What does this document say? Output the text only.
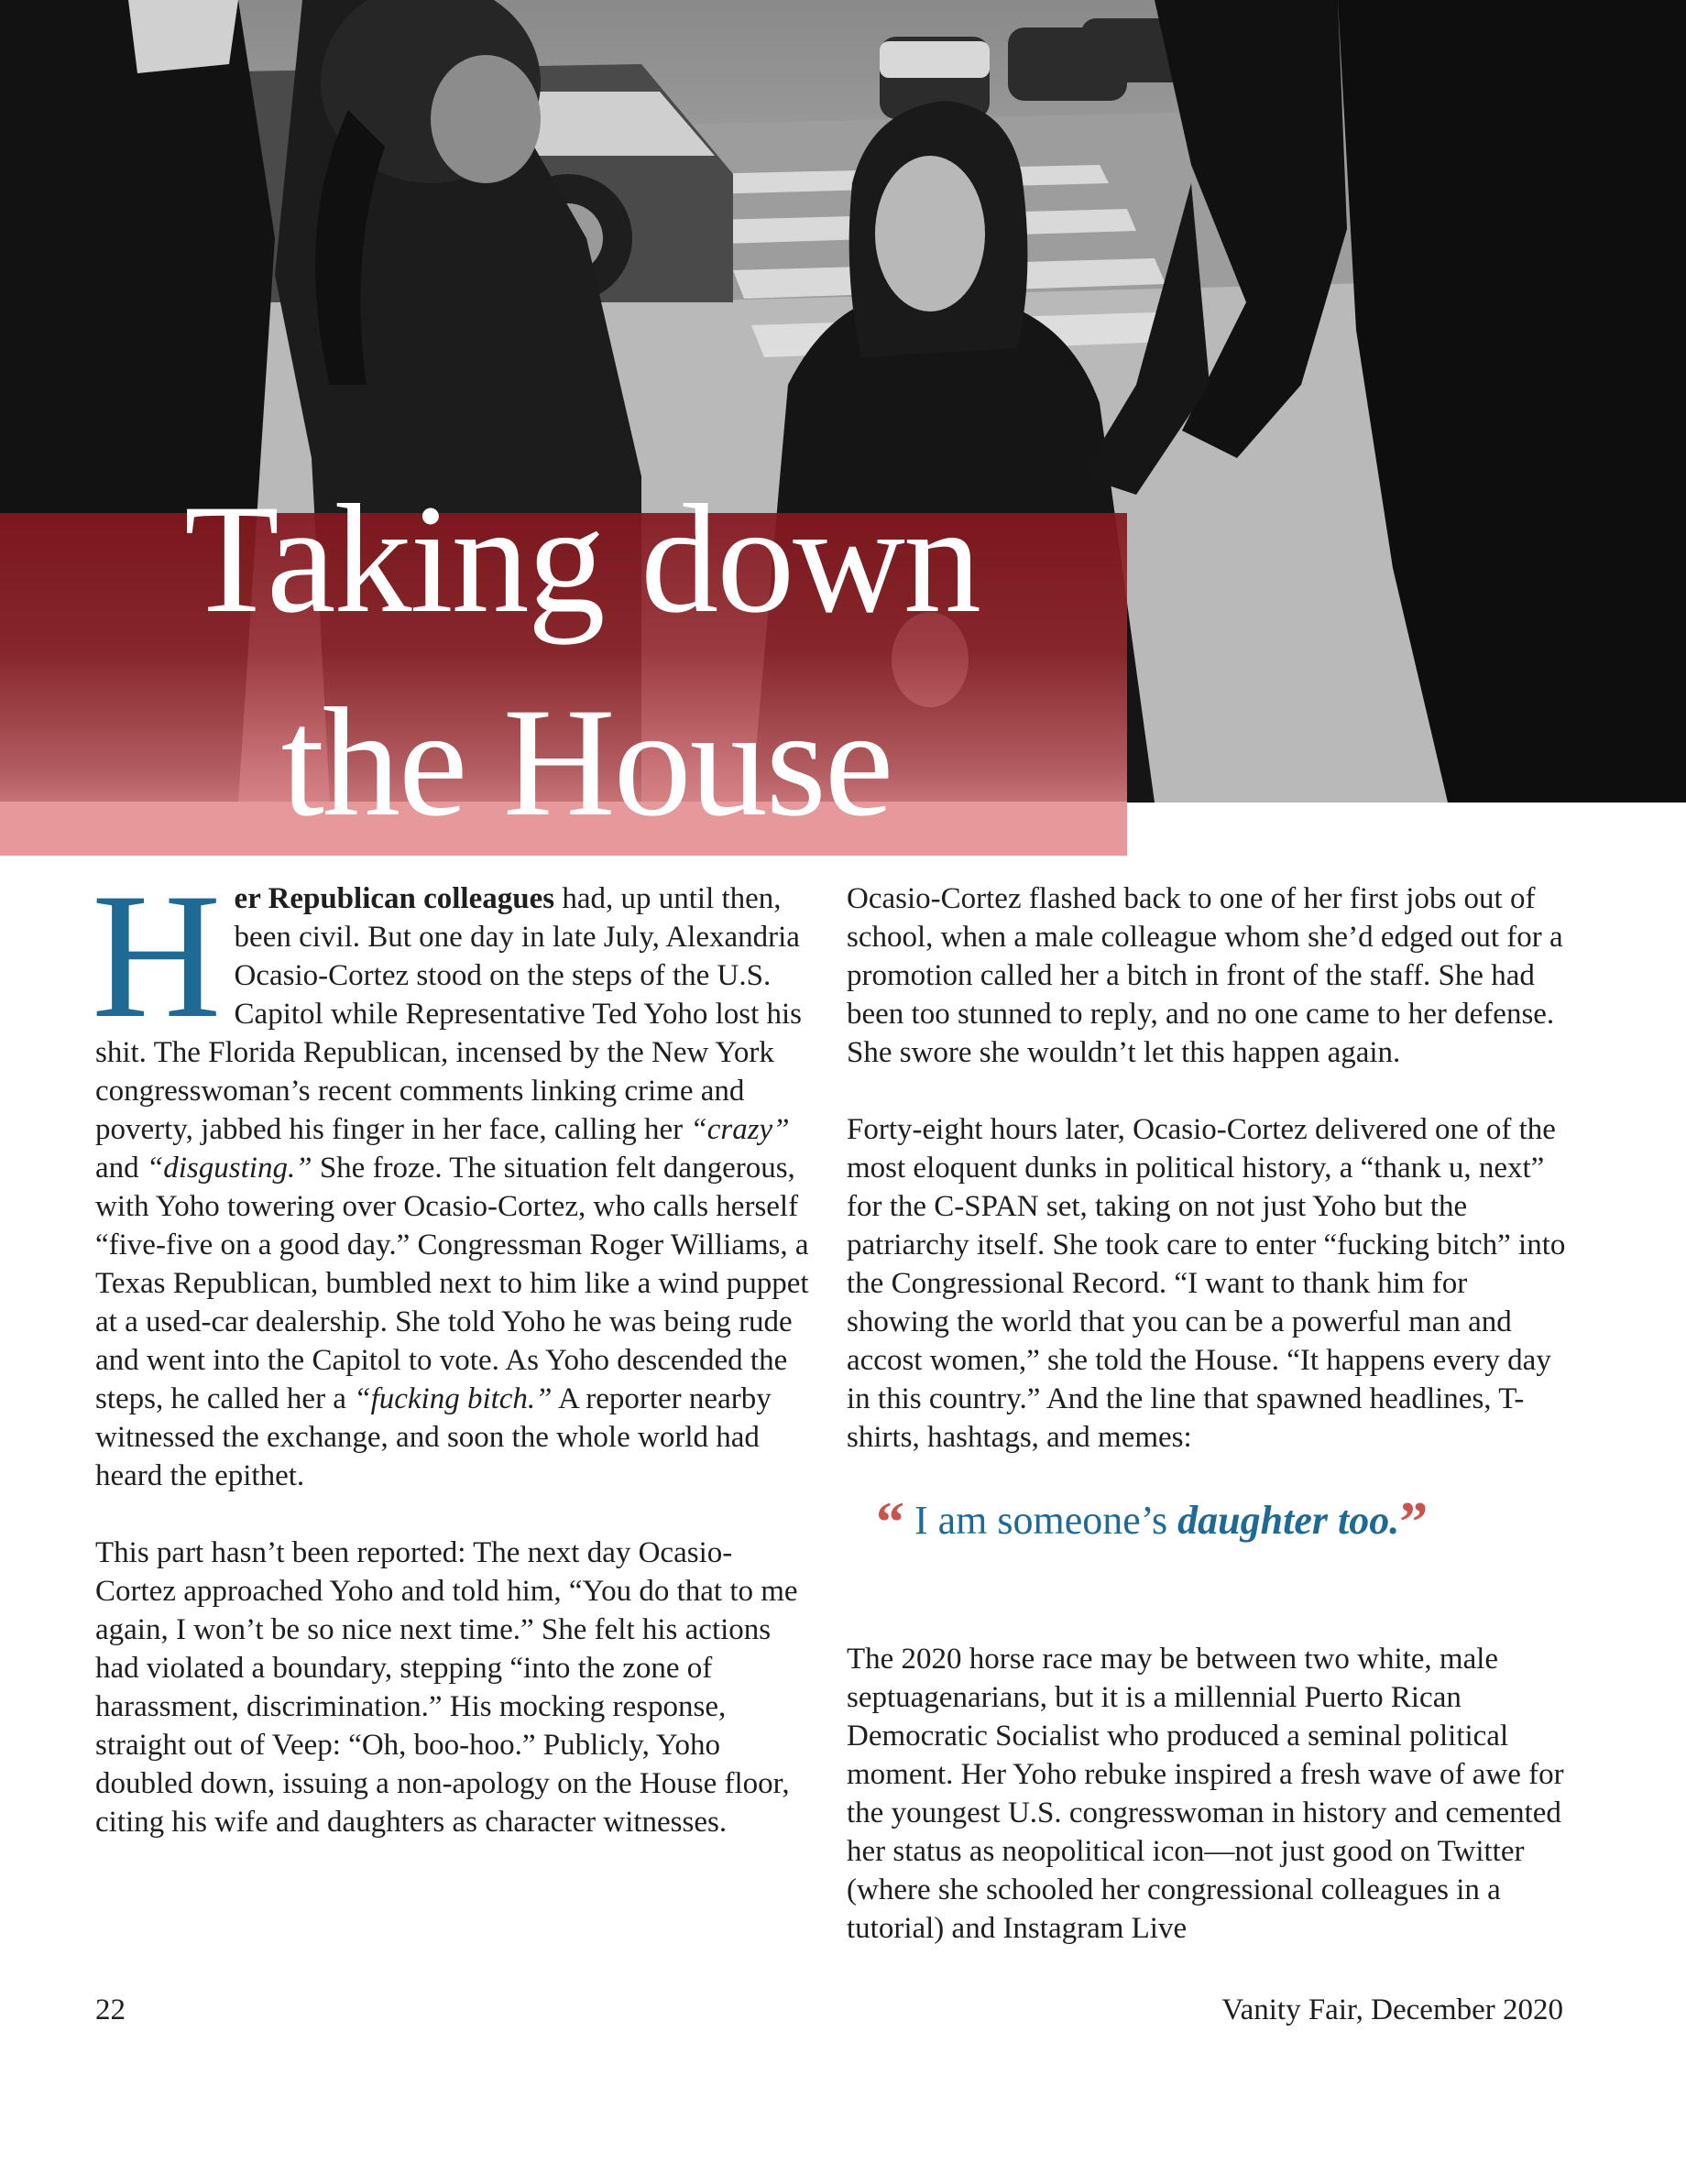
Taking down
the House

Her Republican colleagues had, up until then, been civil. But one day in late July, Alexandria Ocasio-Cortez stood on the steps of the U.S. Capitol while Representative Ted Yoho lost his shit. The Florida Republican, incensed by the New York congresswoman’s recent comments linking crime and poverty, jabbed his finger in her face, calling her “crazy” and “disgusting.” She froze. The situation felt dangerous, with Yoho towering over Ocasio-Cortez, who calls herself “five-five on a good day.” Congressman Roger Williams, a Texas Republican, bumbled next to him like a wind puppet at a used-car dealership. She told Yoho he was being rude and went into the Capitol to vote. As Yoho descended the steps, he called her a “fucking bitch.” A reporter nearby witnessed the exchange, and soon the whole world had heard the epithet.

This part hasn’t been reported: The next day Ocasio-Cortez approached Yoho and told him, “You do that to me again, I won’t be so nice next time.” She felt his actions had violated a boundary, stepping “into the zone of harassment, discrimination.” His mocking response, straight out of Veep: “Oh, boo-hoo.” Publicly, Yoho doubled down, issuing a non-apology on the House floor, citing his wife and daughters as character witnesses.

Ocasio-Cortez flashed back to one of her first jobs out of school, when a male colleague whom she’d edged out for a promotion called her a bitch in front of the staff. She had been too stunned to reply, and no one came to her defense. She swore she wouldn’t let this happen again.

Forty-eight hours later, Ocasio-Cortez delivered one of the most eloquent dunks in political history, a “thank u, next” for the C-SPAN set, taking on not just Yoho but the patriarchy itself. She took care to enter “fucking bitch” into the Congressional Record. “I want to thank him for showing the world that you can be a powerful man and accost women,” she told the House. “It happens every day in this country.” And the line that spawned headlines, T-shirts, hashtags, and memes:

“ I am someone’s daughter too.”

The 2020 horse race may be between two white, male septuagenarians, but it is a millennial Puerto Rican Democratic Socialist who produced a seminal political moment. Her Yoho rebuke inspired a fresh wave of awe for the youngest U.S. congresswoman in history and cemented her status as neopolitical icon—not just good on Twitter (where she schooled her congressional colleagues in a tutorial) and Instagram Live

22	Vanity Fair, December 2020
